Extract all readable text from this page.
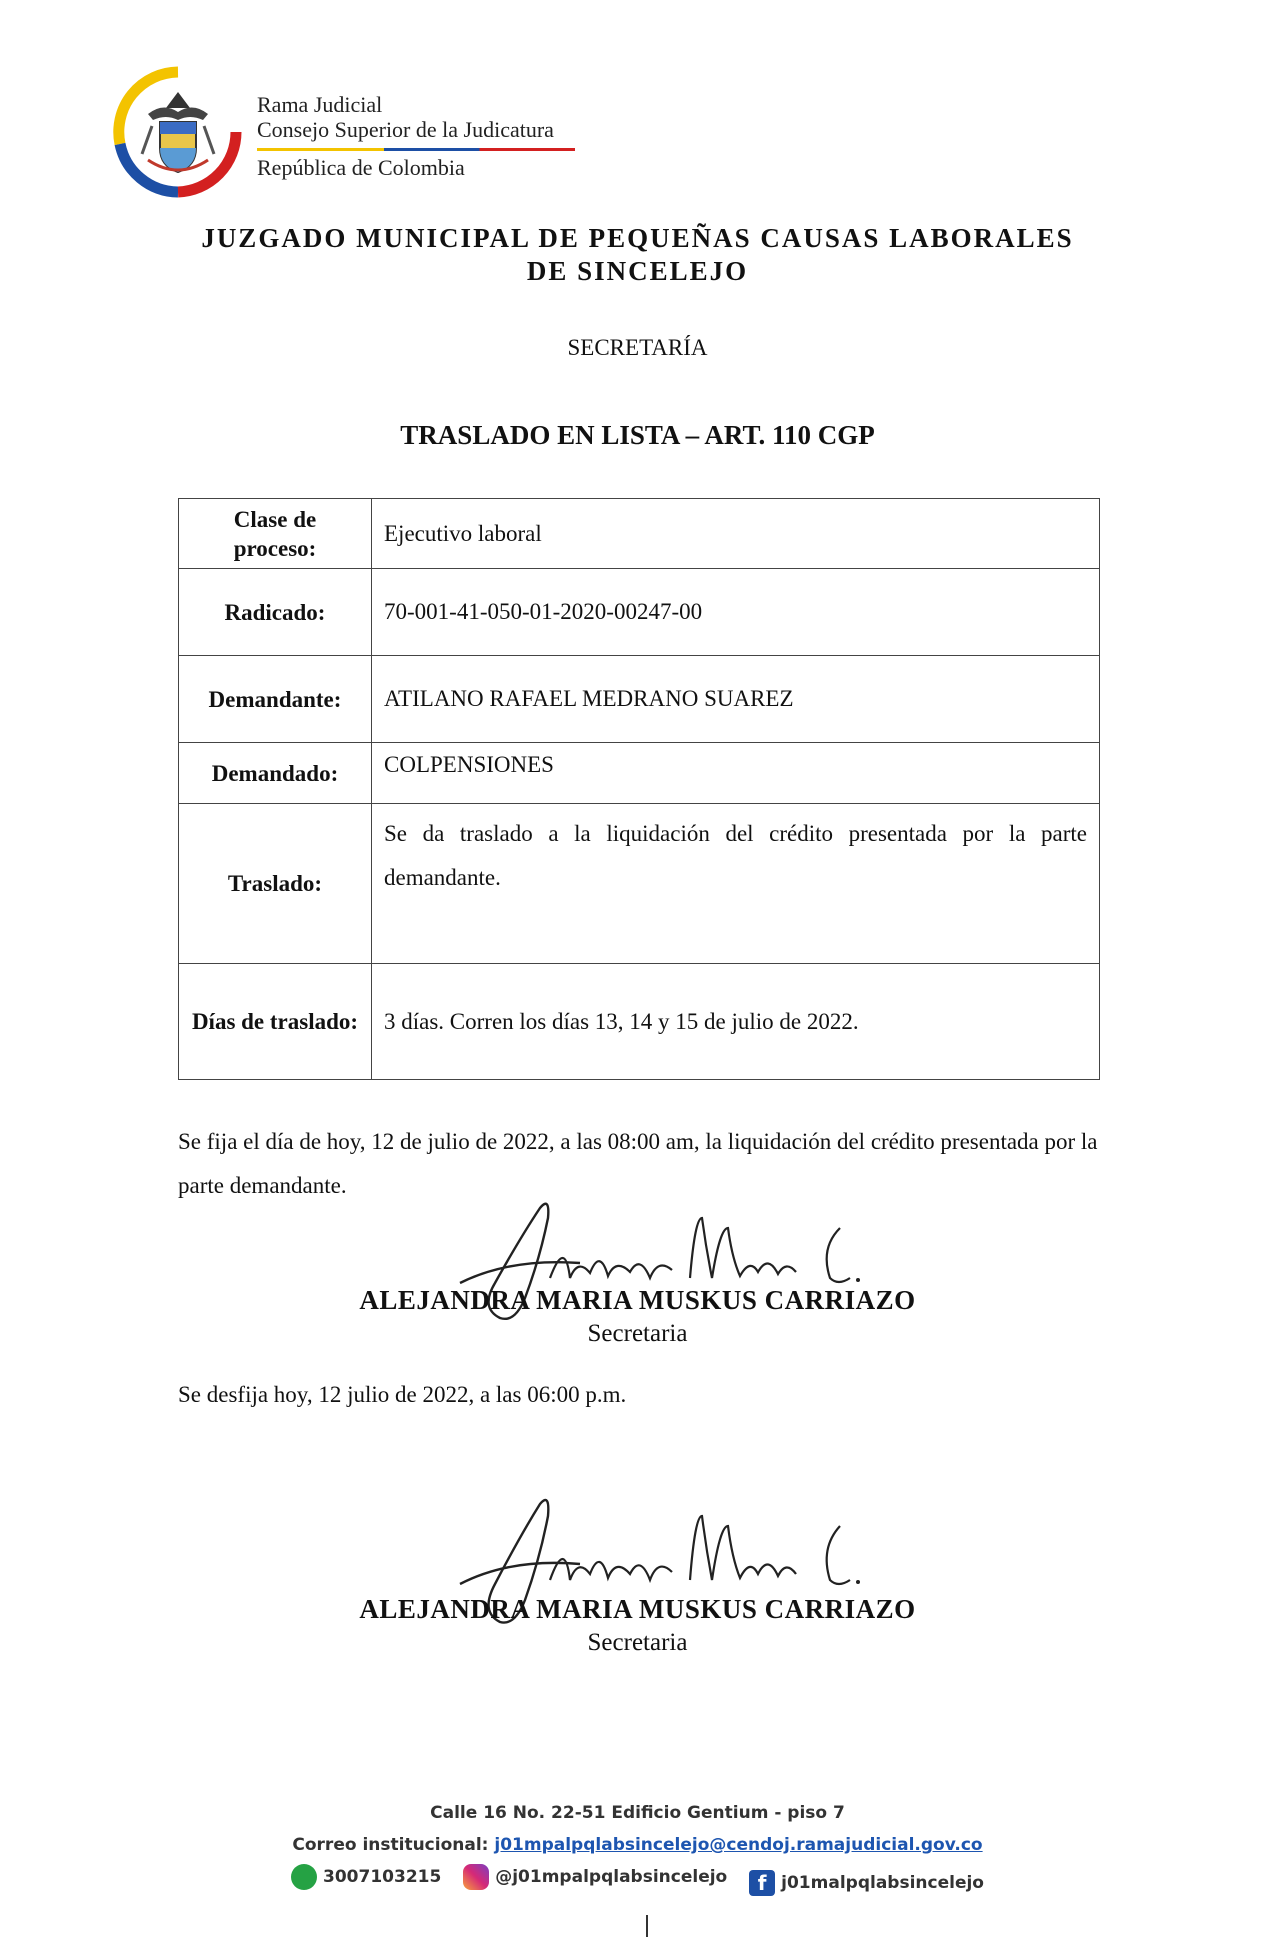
Rama Judicial
Consejo Superior de la Judicatura
República de Colombia
JUZGADO MUNICIPAL DE PEQUEÑAS CAUSAS LABORALES
DE SINCELEJO
SECRETARÍA
TRASLADO EN LISTA – ART. 110 CGP
Clase de proceso:	Ejecutivo laboral
Radicado:	70-001-41-050-01-2020-00247-00
Demandante:	ATILANO RAFAEL MEDRANO SUAREZ
Demandado:	COLPENSIONES
Traslado:	Se da traslado a la liquidación del crédito presentada por la parte demandante.
Días de traslado:	3 días. Corren los días 13, 14 y 15 de julio de 2022.
Se fija el día de hoy, 12 de julio de 2022, a las 08:00 am, la liquidación del crédito presentada por la parte demandante.
ALEJANDRA MARIA MUSKUS CARRIAZO
Secretaria
Se desfija hoy, 12 julio de 2022, a las 06:00 p.m.
ALEJANDRA MARIA MUSKUS CARRIAZO
Secretaria
Calle 16 No. 22-51 Edificio Gentium - piso 7
Correo institucional: j01mpalpqlabsincelejo@cendoj.ramajudicial.gov.co
3007103215
	@j01mpalpqlabsincelejo
	f j01malpqlabsincelejo
